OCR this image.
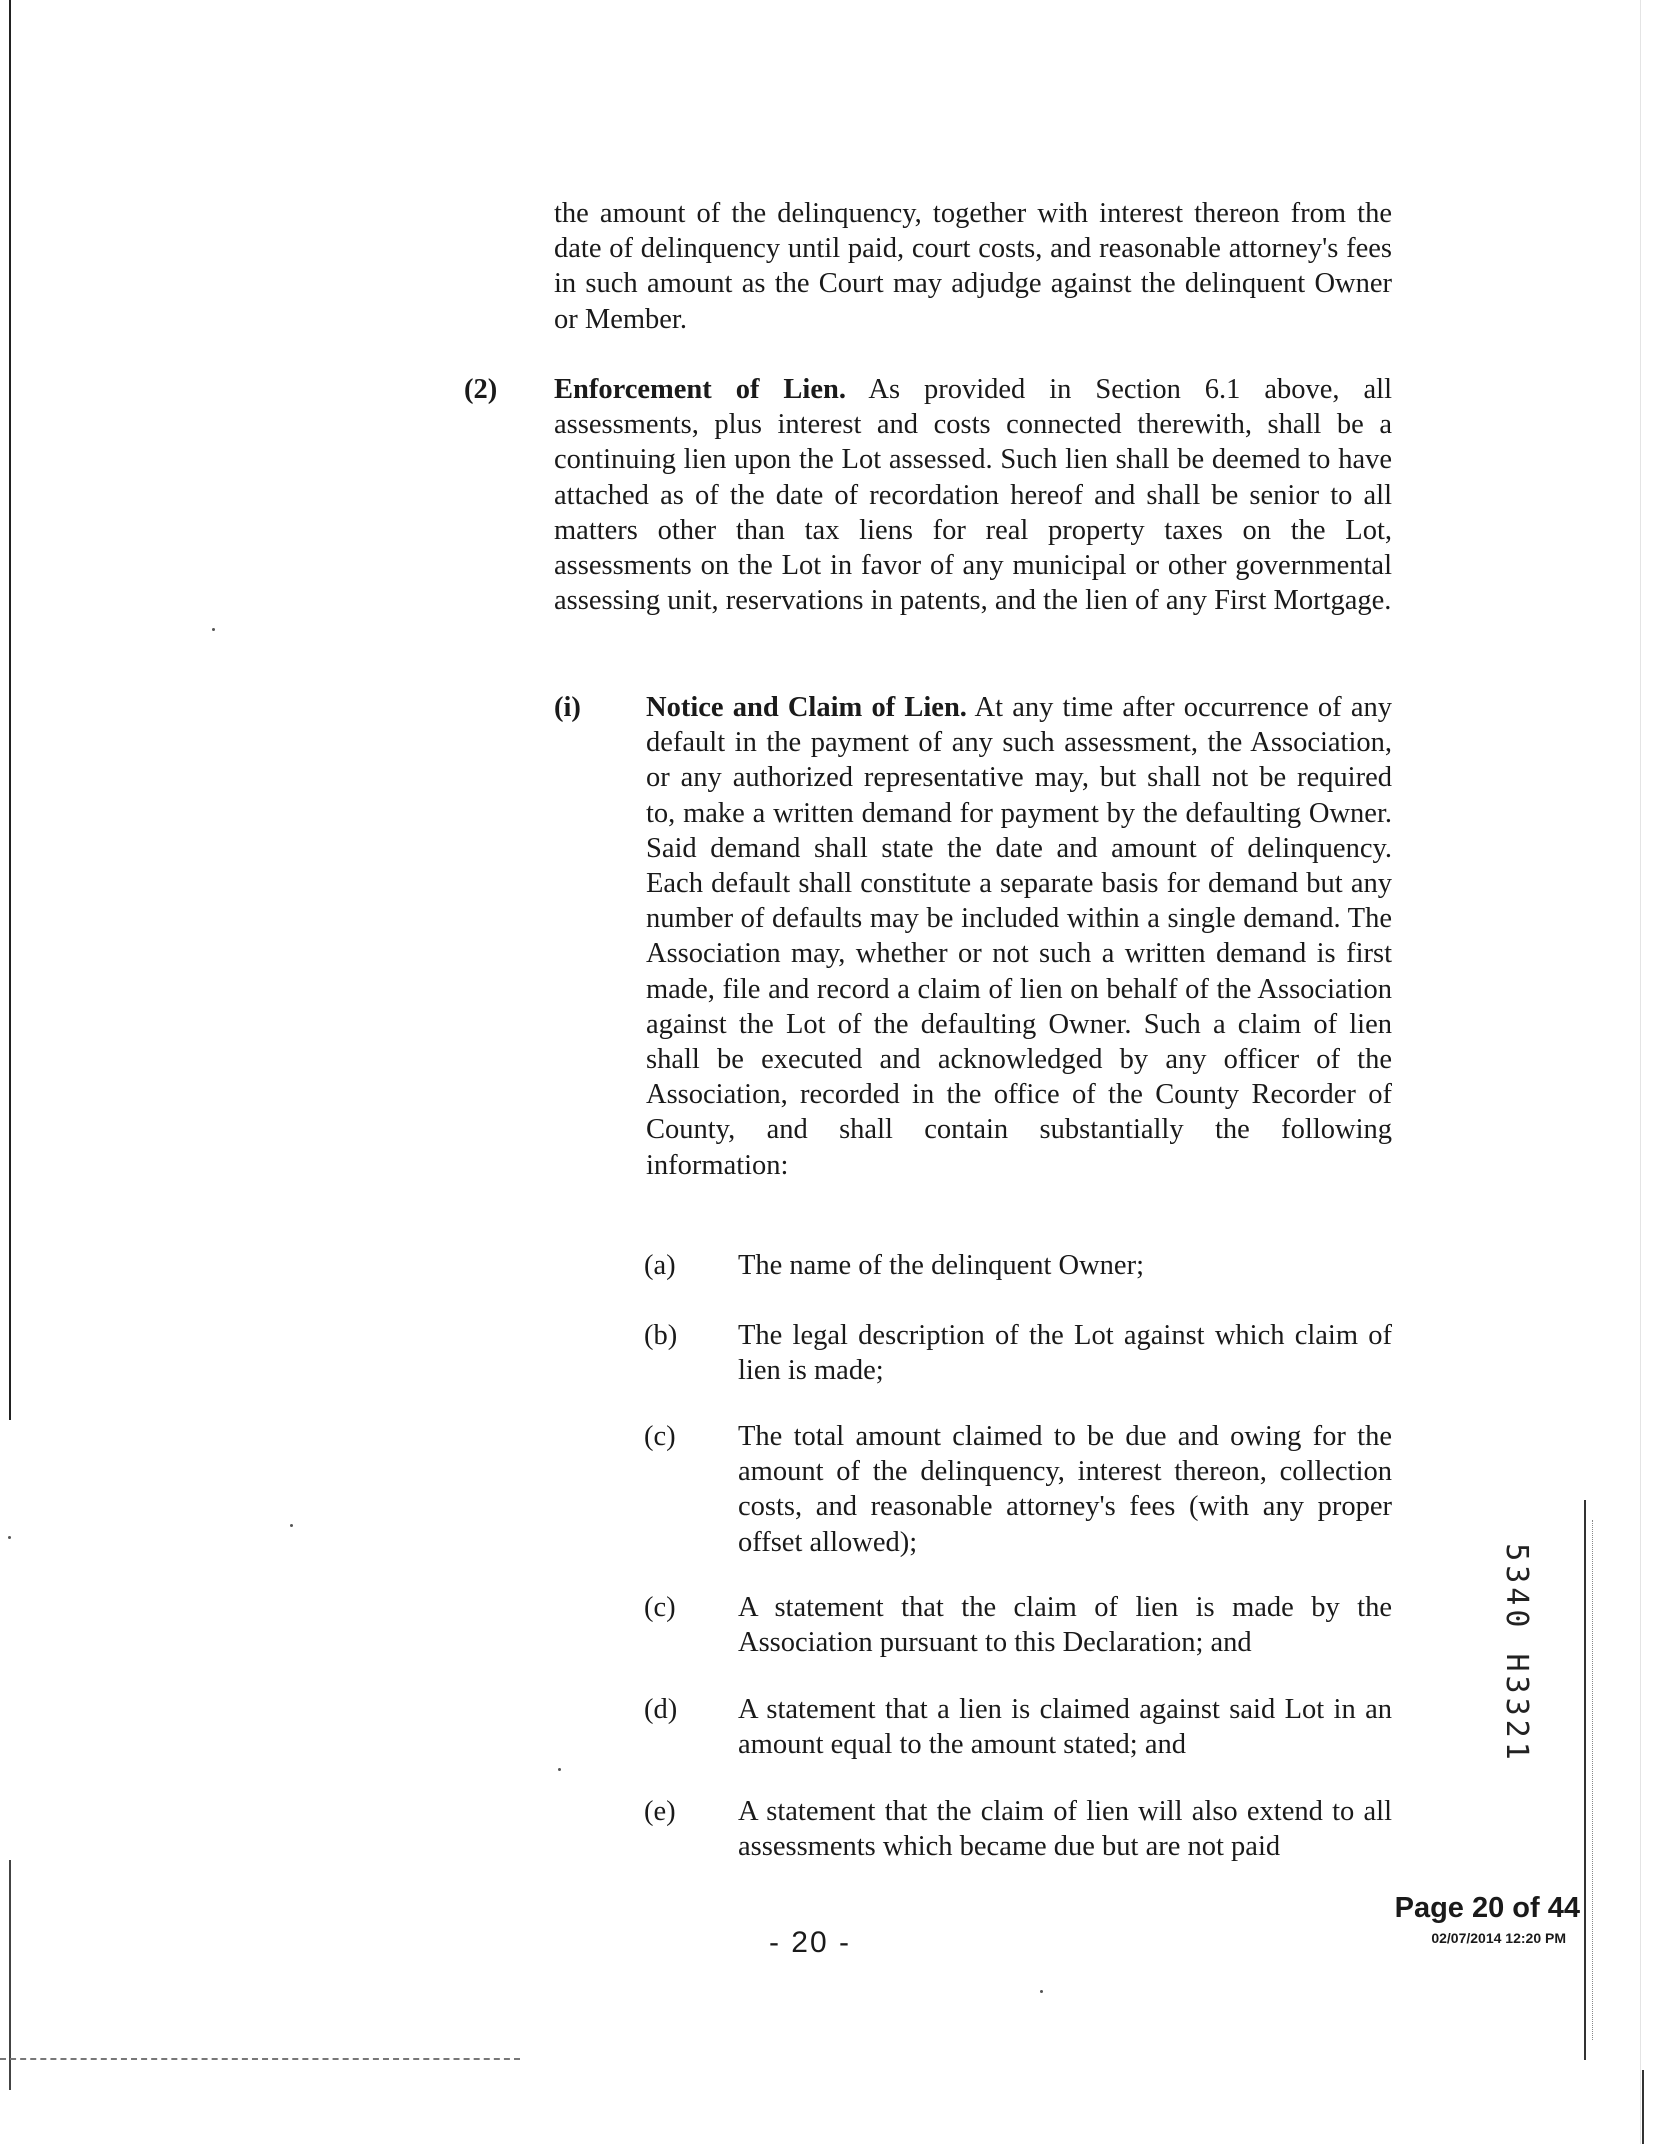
the amount of the delinquency, together with interest thereon from the date of delinquency until paid, court costs, and reasonable attorney's fees in such amount as the Court may adjudge against the delinquent Owner or Member.

(2) Enforcement of Lien. As provided in Section 6.1 above, all assessments, plus interest and costs connected therewith, shall be a continuing lien upon the Lot assessed. Such lien shall be deemed to have attached as of the date of recordation hereof and shall be senior to all matters other than tax liens for real property taxes on the Lot, assessments on the Lot in favor of any municipal or other governmental assessing unit, reservations in patents, and the lien of any First Mortgage.

(i) Notice and Claim of Lien. At any time after occurrence of any default in the payment of any such assessment, the Association, or any authorized representative may, but shall not be required to, make a written demand for payment by the defaulting Owner. Said demand shall state the date and amount of delinquency. Each default shall constitute a separate basis for demand but any number of defaults may be included within a single demand. The Association may, whether or not such a written demand is first made, file and record a claim of lien on behalf of the Association against the Lot of the defaulting Owner. Such a claim of lien shall be executed and acknowledged by any officer of the Association, recorded in the office of the County Recorder of County, and shall contain substantially the following information:

(a) The name of the delinquent Owner;

(b) The legal description of the Lot against which claim of lien is made;

(c) The total amount claimed to be due and owing for the amount of the delinquency, interest thereon, collection costs, and reasonable attorney's fees (with any proper offset allowed);

(c) A statement that the claim of lien is made by the Association pursuant to this Declaration; and

(d) A statement that a lien is claimed against said Lot in an amount equal to the amount stated; and

(e) A statement that the claim of lien will also extend to all assessments which became due but are not paid

5340 H3321
- 20 -
Page 20 of 44
02/07/2014 12:20 PM
